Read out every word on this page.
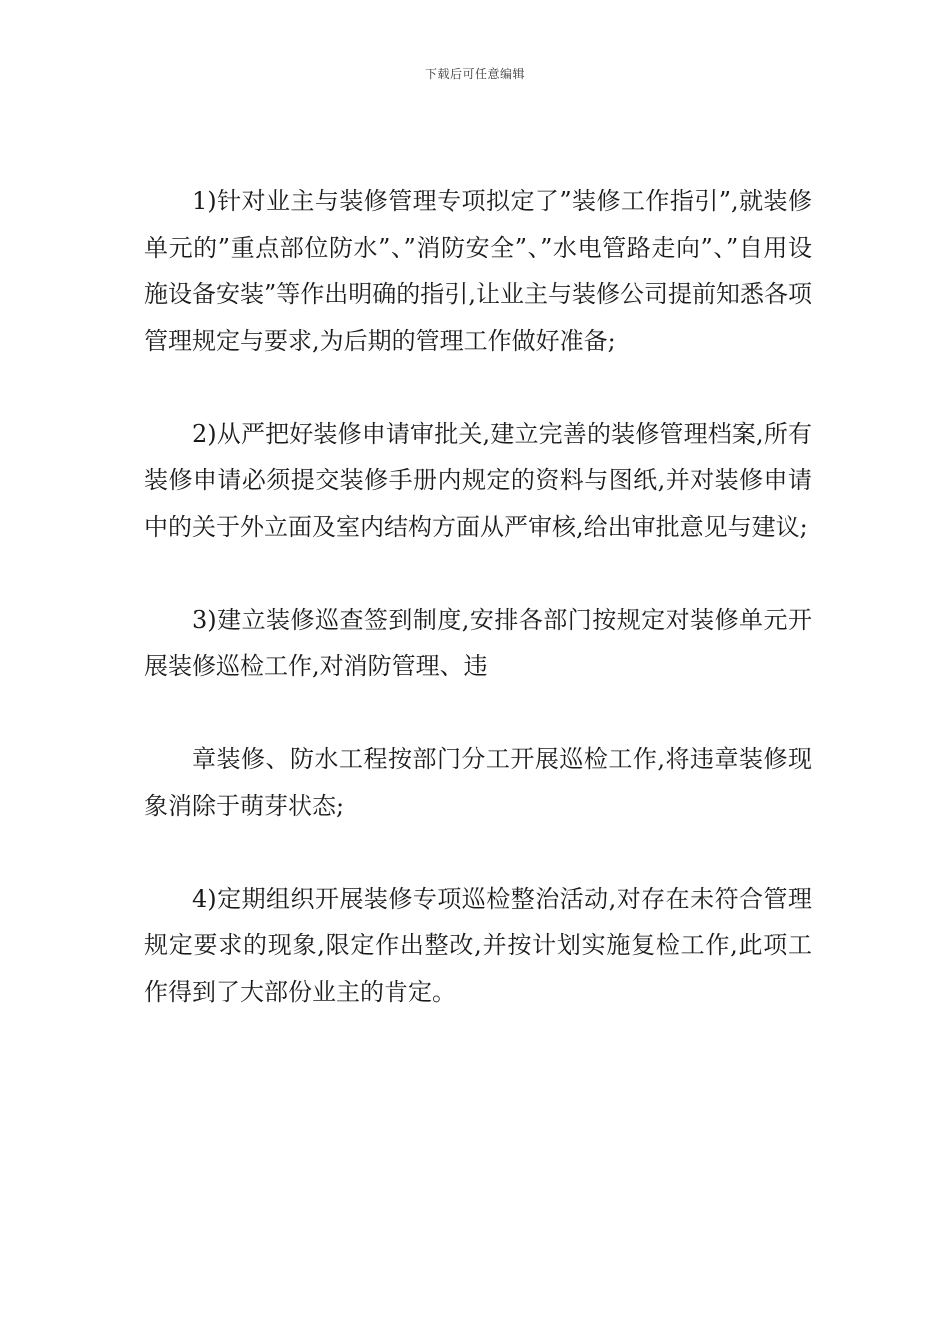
下载后可任意编辑

1)针对业主与装修管理专项拟定了”装修工作指引”,就装修单元的”重点部位防水”、”消防安全”、”水电管路走向”、”自用设施设备安装”等作出明确的指引,让业主与装修公司提前知悉各项管理规定与要求,为后期的管理工作做好准备;

2)从严把好装修申请审批关,建立完善的装修管理档案,所有装修申请必须提交装修手册内规定的资料与图纸,并对装修申请中的关于外立面及室内结构方面从严审核,给出审批意见与建议;

3)建立装修巡查签到制度,安排各部门按规定对装修单元开展装修巡检工作,对消防管理、违

章装修、防水工程按部门分工开展巡检工作,将违章装修现象消除于萌芽状态;

4)定期组织开展装修专项巡检整治活动,对存在未符合管理规定要求的现象,限定作出整改,并按计划实施复检工作,此项工作得到了大部份业主的肯定。
